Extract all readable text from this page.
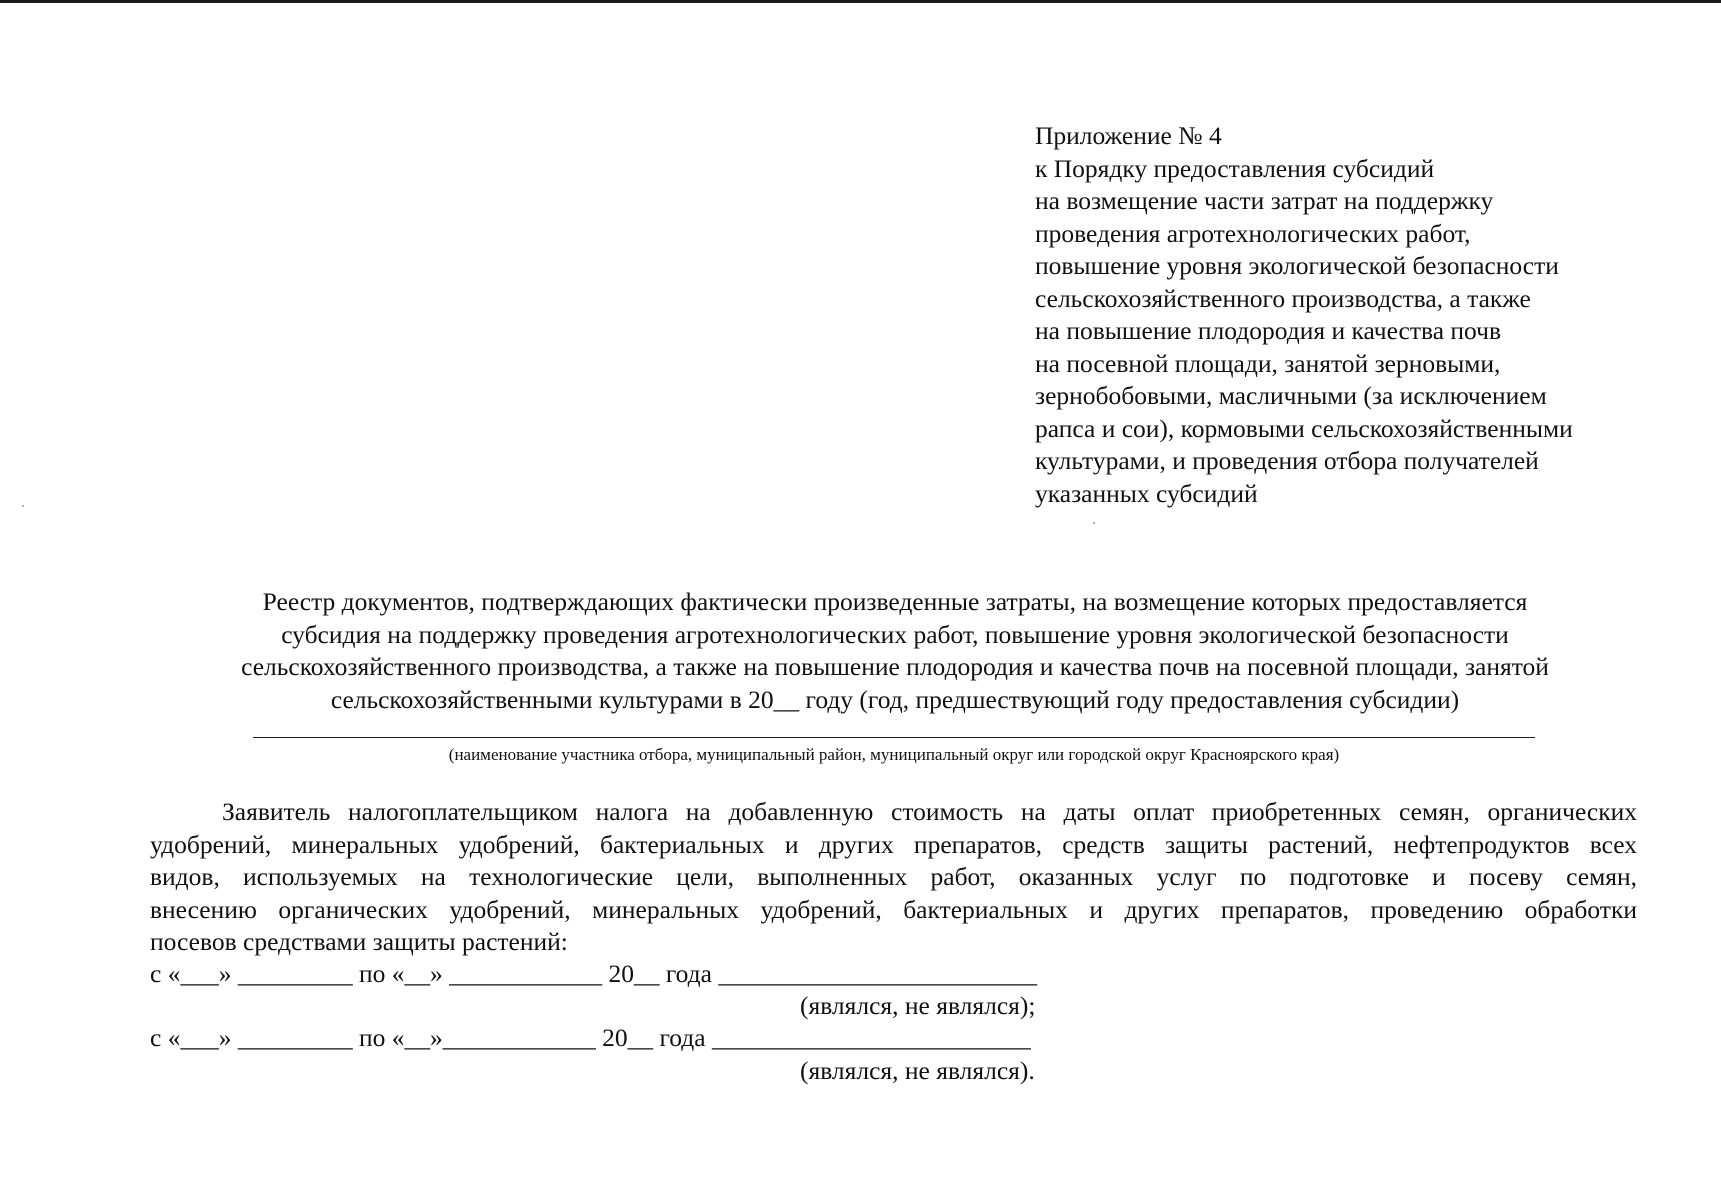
Приложение № 4
к Порядку предоставления субсидий
на возмещение части затрат на поддержку
проведения агротехнологических работ,
повышение уровня экологической безопасности
сельскохозяйственного производства, а также
на повышение плодородия и качества почв
на посевной площади, занятой зерновыми,
зернобобовыми, масличными (за исключением
рапса и сои), кормовыми сельскохозяйственными
культурами, и проведения отбора получателей
указанных субсидий
Реестр документов, подтверждающих фактически произведенные затраты, на возмещение которых предоставляется
субсидия на поддержку проведения агротехнологических работ, повышение уровня экологической безопасности
сельскохозяйственного производства, а также на повышение плодородия и качества почв на посевной площади, занятой
сельскохозяйственными культурами в 20__ году (год, предшествующий году предоставления субсидии)
(наименование участника отбора, муниципальный район, муниципальный округ или городской округ Красноярского края)
Заявитель налогоплательщиком налога на добавленную стоимость на даты оплат приобретенных семян, органических
удобрений, минеральных удобрений, бактериальных и других препаратов, средств защиты растений, нефтепродуктов всех
видов, используемых на технологические цели, выполненных работ, оказанных услуг по подготовке и посеву семян,
внесению органических удобрений, минеральных удобрений, бактериальных и других препаратов, проведению обработки
посевов средствами защиты растений:
с «___» _________ по «__» ____________ 20__ года _________________________
(являлся, не являлся);
с «___» _________ по «__»____________ 20__ года _________________________
(являлся, не являлся).
